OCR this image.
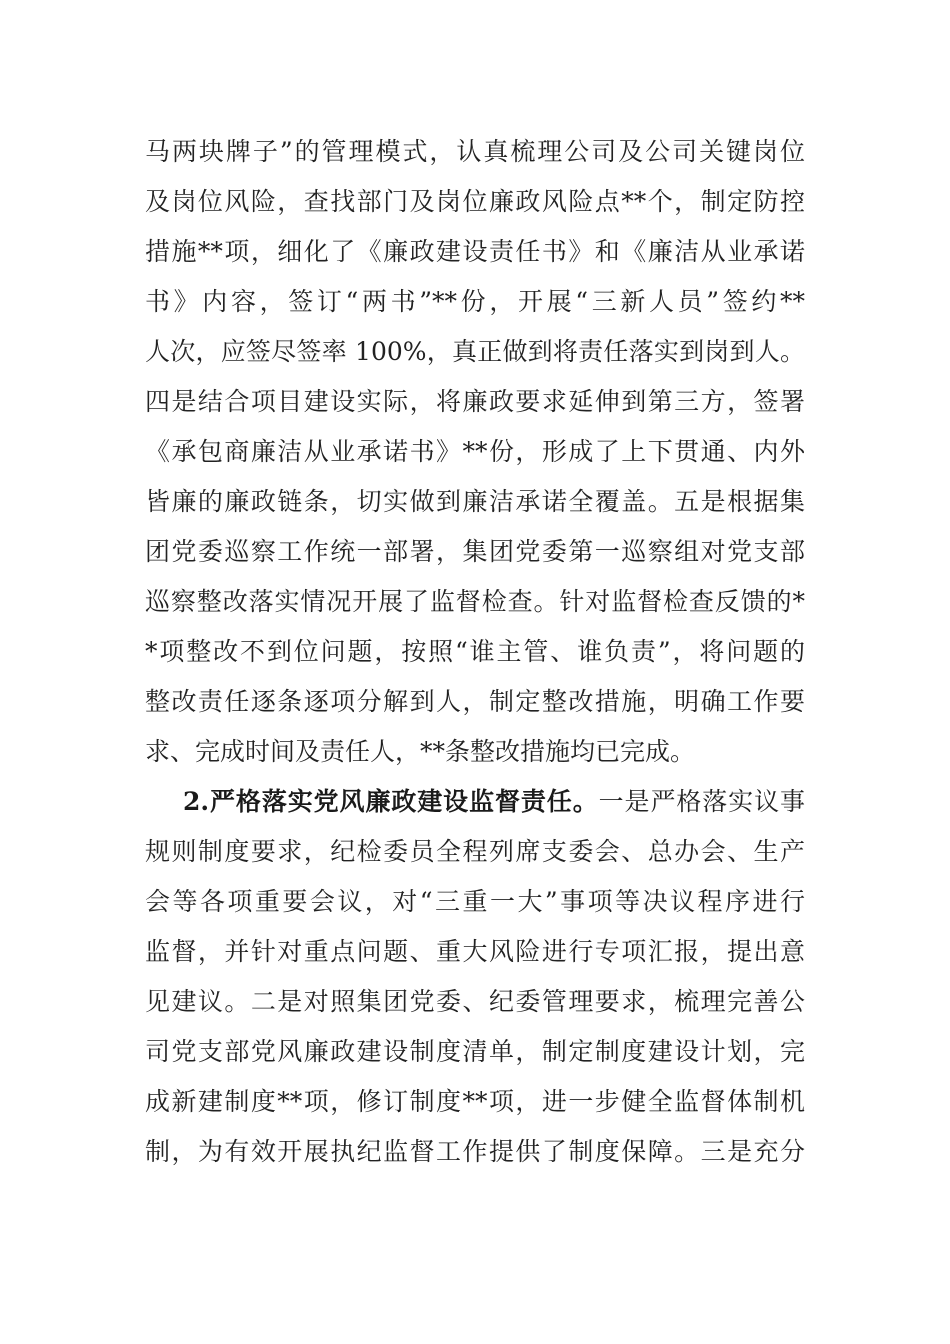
马两块牌子”的管理模式，认真梳理公司及公司关键岗位
及岗位风险，查找部门及岗位廉政风险点**个，制定防控
措施**项，细化了《廉政建设责任书》和《廉洁从业承诺
书》内容，签订“两书”**份，开展“三新人员”签约**
人次，应签尽签率 100%，真正做到将责任落实到岗到人。
四是结合项目建设实际，将廉政要求延伸到第三方，签署
《承包商廉洁从业承诺书》**份，形成了上下贯通、内外
皆廉的廉政链条，切实做到廉洁承诺全覆盖。五是根据集
团党委巡察工作统一部署，集团党委第一巡察组对党支部
巡察整改落实情况开展了监督检查。针对监督检查反馈的*
*项整改不到位问题，按照“谁主管、谁负责”，将问题的
整改责任逐条逐项分解到人，制定整改措施，明确工作要
求、完成时间及责任人，**条整改措施均已完成。
2.严格落实党风廉政建设监督责任。一是严格落实议事
规则制度要求，纪检委员全程列席支委会、总办会、生产
会等各项重要会议，对“三重一大”事项等决议程序进行
监督，并针对重点问题、重大风险进行专项汇报，提出意
见建议。二是对照集团党委、纪委管理要求，梳理完善公
司党支部党风廉政建设制度清单，制定制度建设计划，完
成新建制度**项，修订制度**项，进一步健全监督体制机
制，为有效开展执纪监督工作提供了制度保障。三是充分
